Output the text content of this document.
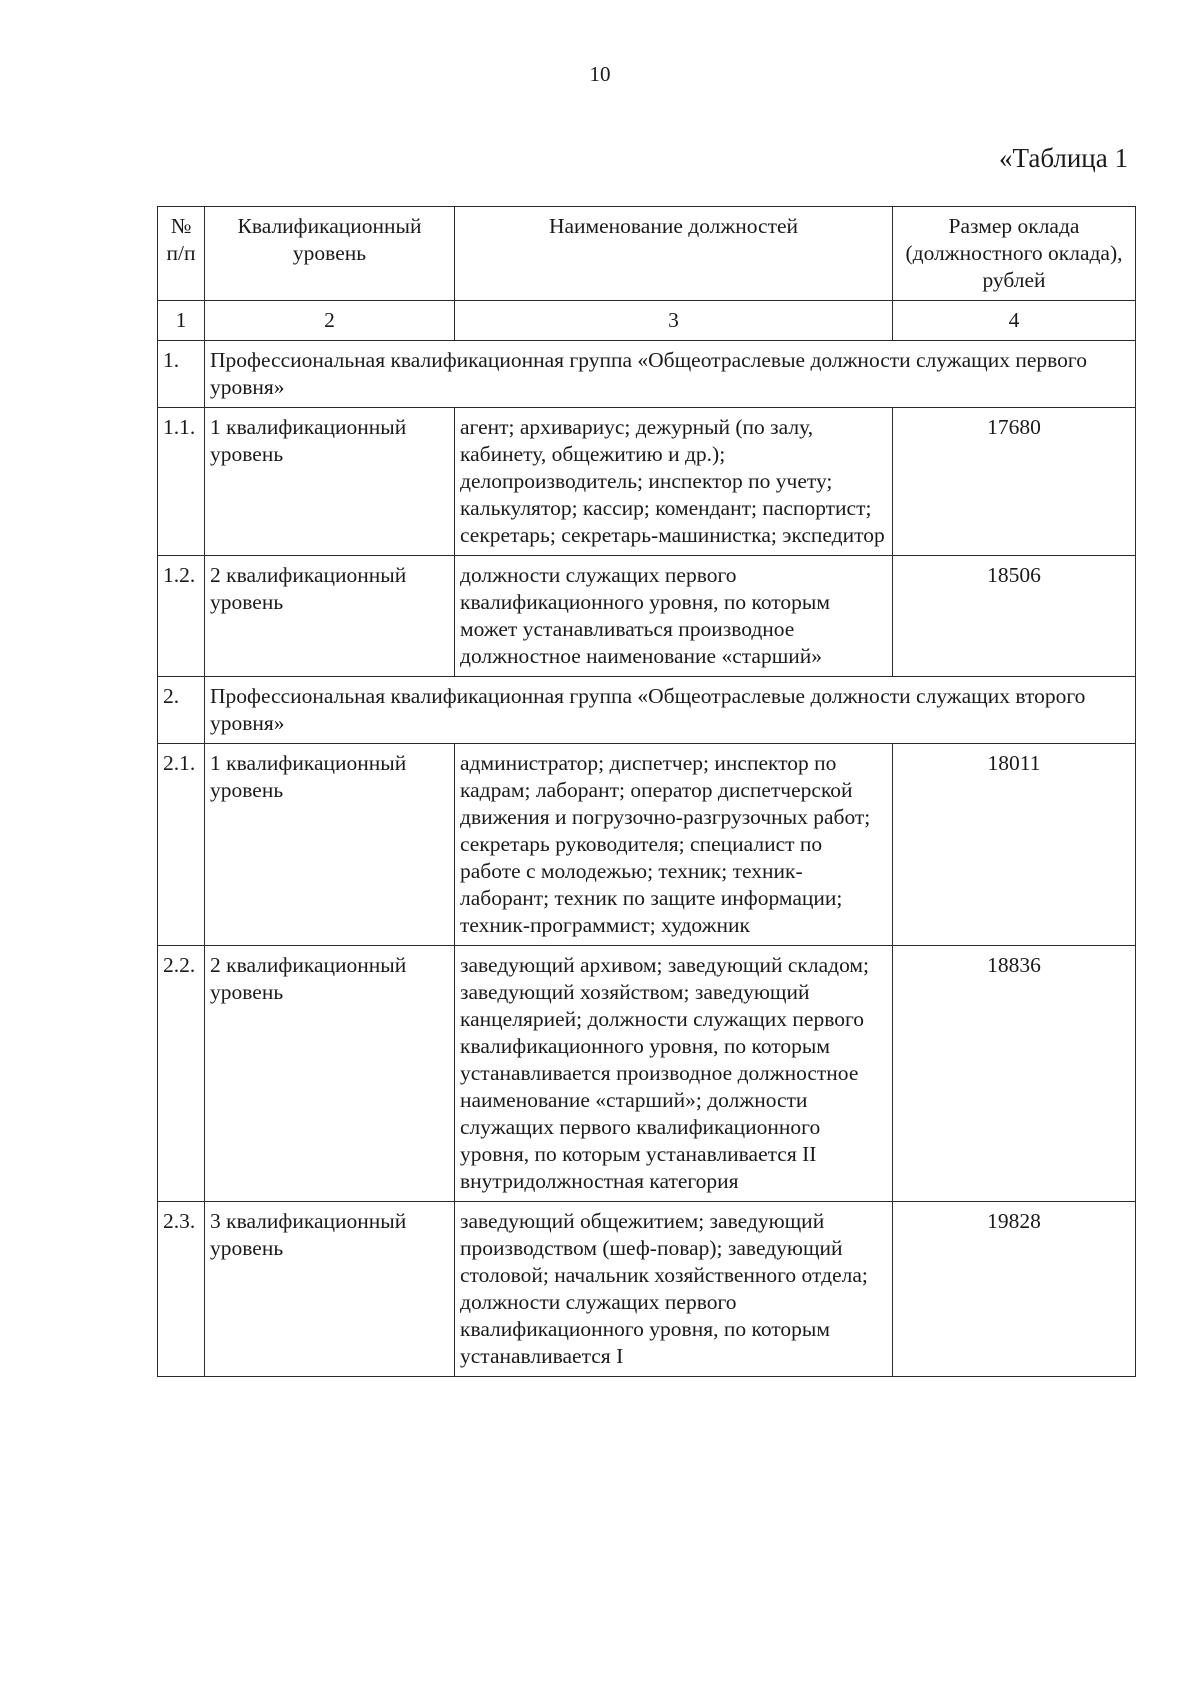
10
«Таблица 1
№ п/п	Квалификационный уровень	Наименование должностей	Размер оклада (должностного оклада), рублей
1	2	3	4
1.	Профессиональная квалификационная группа «Общеотраслевые должности служащих первого уровня»		
1.1.	1 квалификационный уровень	агент; архивариус; дежурный (по залу, кабинету, общежитию и др.); делопроизводитель; инспектор по учету; калькулятор; кассир; комендант; паспортист; секретарь; секретарь-машинистка; экспедитор	17680
1.2.	2 квалификационный уровень	должности служащих первого квалификационного уровня, по которым может устанавливаться производное должностное наименование «старший»	18506
2.	Профессиональная квалификационная группа «Общеотраслевые должности служащих второго уровня»		
2.1.	1 квалификационный уровень	администратор; диспетчер; инспектор по кадрам; лаборант; оператор диспетчерской движения и погрузочно-разгрузочных работ; секретарь руководителя; специалист по работе с молодежью; техник; техник-лаборант; техник по защите информации; техник-программист; художник	18011
2.2.	2 квалификационный уровень	заведующий архивом; заведующий складом; заведующий хозяйством; заведующий канцелярией; должности служащих первого квалификационного уровня, по которым устанавливается производное должностное наименование «старший»; должности служащих первого квалификационного уровня, по которым устанавливается II внутридолжностная категория	18836
2.3.	3 квалификационный уровень	заведующий общежитием; заведующий производством (шеф-повар); заведующий столовой; начальник хозяйственного отдела; должности служащих первого квалификационного уровня, по которым устанавливается I	19828
